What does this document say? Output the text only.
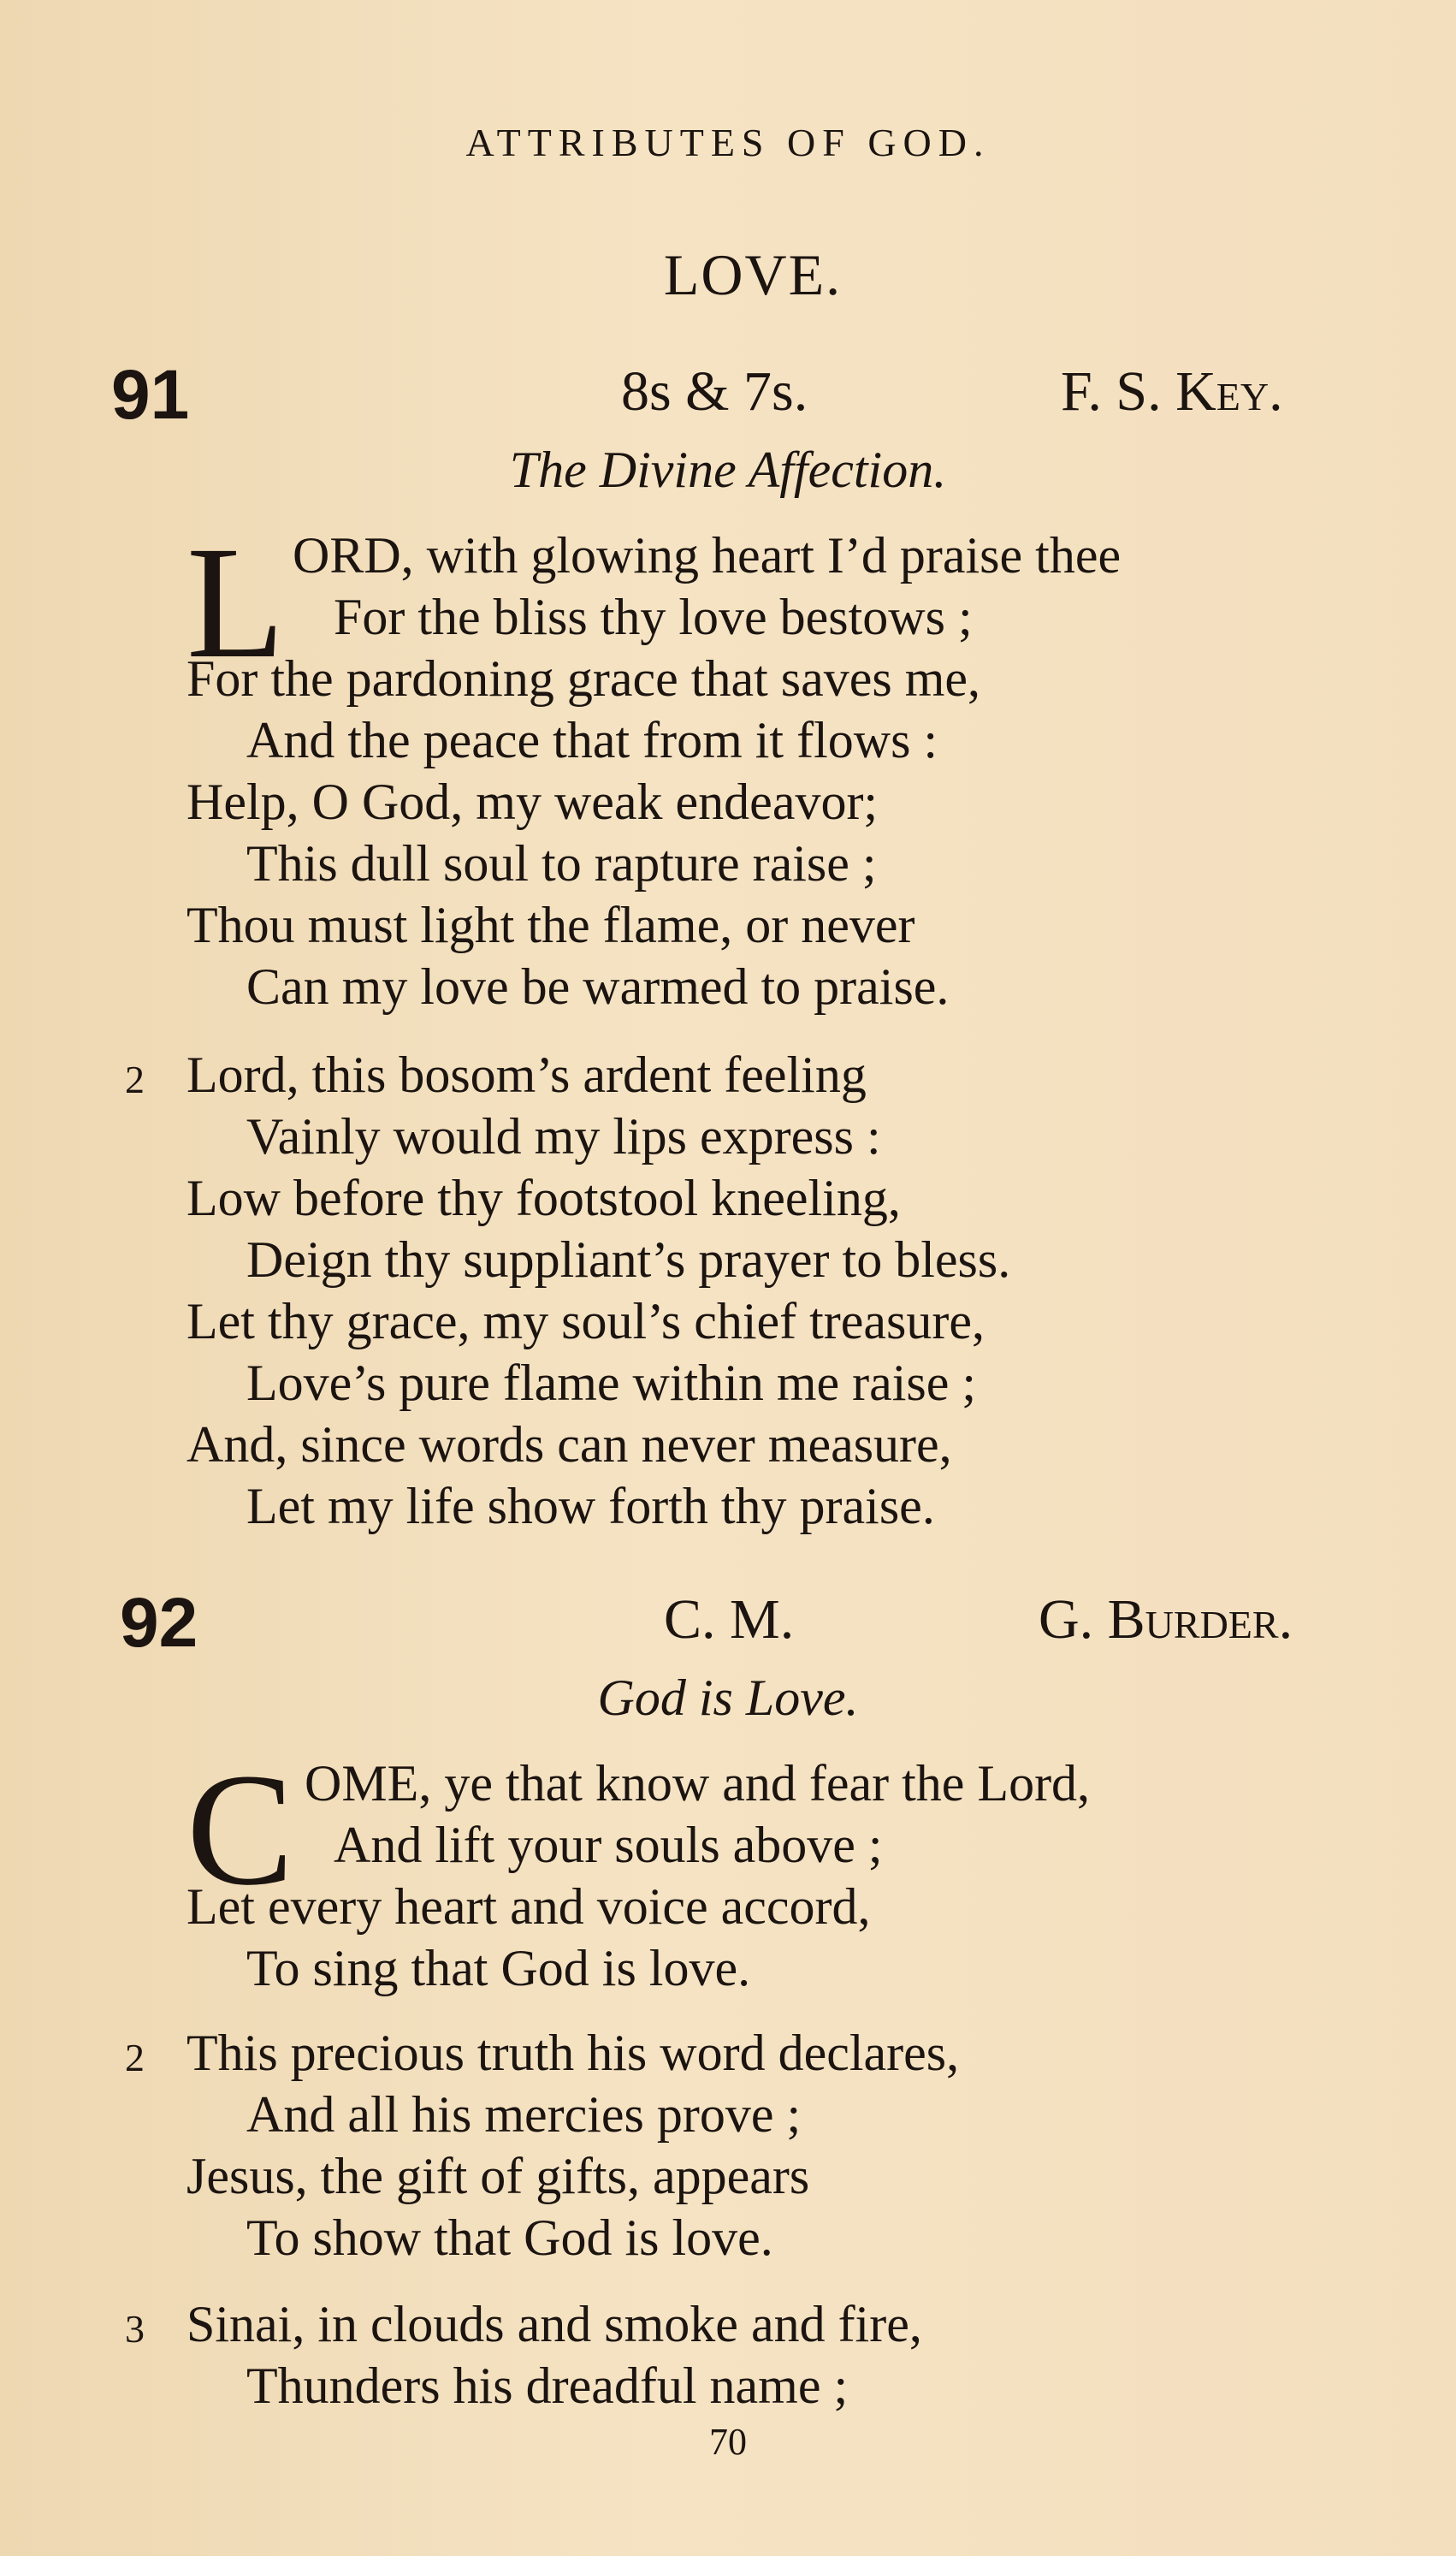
ATTRIBUTES OF GOD.
LOVE.
91	8s & 7s.	F. S. Key.
The Divine Affection.
L ORD, with glowing heart I’d praise thee
For the bliss thy love bestows ;
For the pardoning grace that saves me,
And the peace that from it flows :
Help, O God, my weak endeavor;
This dull soul to rapture raise ;
Thou must light the flame, or never
Can my love be warmed to praise.
2 Lord, this bosom’s ardent feeling
Vainly would my lips express :
Low before thy footstool kneeling,
Deign thy suppliant’s prayer to bless.
Let thy grace, my soul’s chief treasure,
Love’s pure flame within me raise ;
And, since words can never measure,
Let my life show forth thy praise.
92	C. M.	G. Burder.
God is Love.
C OME, ye that know and fear the Lord,
And lift your souls above ;
Let every heart and voice accord,
To sing that God is love.
2 This precious truth his word declares,
And all his mercies prove ;
Jesus, the gift of gifts, appears
To show that God is love.
3 Sinai, in clouds and smoke and fire,
Thunders his dreadful name ;
70
